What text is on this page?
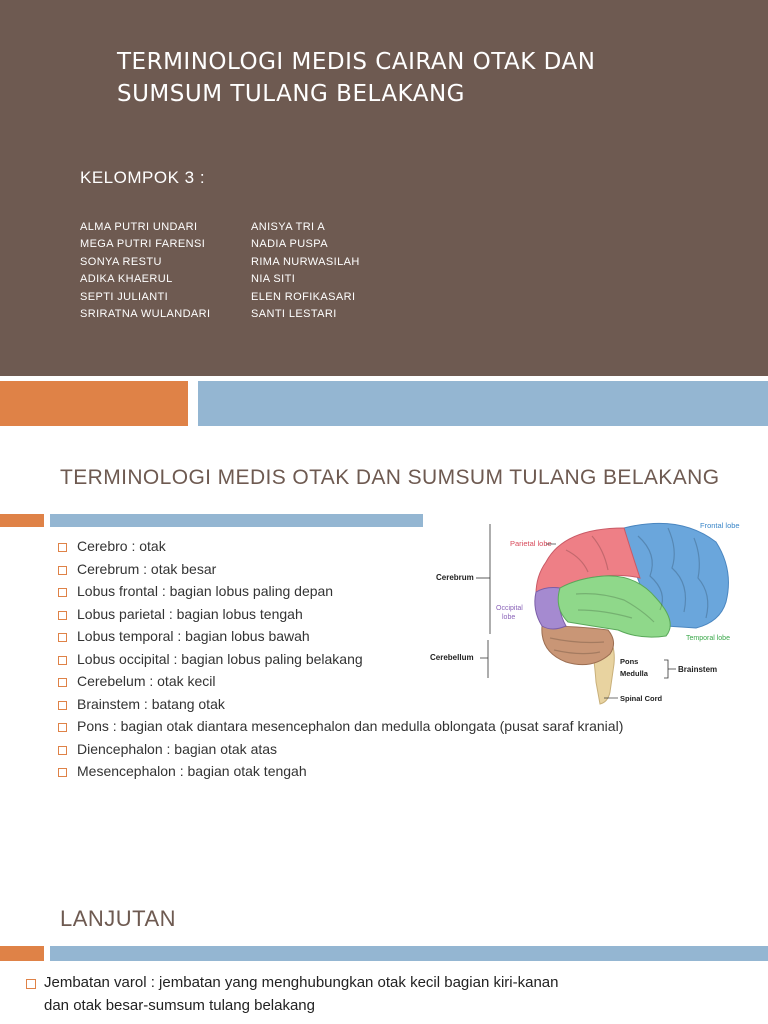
TERMINOLOGI MEDIS CAIRAN OTAK DAN
SUMSUM TULANG BELAKANG
KELOMPOK 3 :
ALMA PUTRI UNDARI
MEGA PUTRI FARENSI
SONYA RESTU
ADIKA KHAERUL
SEPTI JULIANTI
SRIRATNA WULANDARI
ANISYA TRI A
NADIA PUSPA
RIMA NURWASILAH
NIA SITI
ELEN ROFIKASARI
SANTI LESTARI
TERMINOLOGI MEDIS OTAK DAN SUMSUM TULANG BELAKANG
Cerebro : otak
Cerebrum : otak besar
Lobus frontal : bagian lobus paling depan
Lobus parietal : bagian lobus tengah
Lobus temporal : bagian lobus bawah
Lobus occipital : bagian lobus paling belakang
Cerebelum : otak kecil
Brainstem : batang otak
Pons : bagian otak diantara mesencephalon dan medulla oblongata (pusat saraf kranial)
Diencephalon : bagian otak atas
Mesencephalon : bagian otak tengah
Parietal lobe
Frontal lobe
Cerebrum
Occipital
lobe
Temporal lobe
Cerebellum	Pons
Medulla	Brainstem
Spinal Cord
LANJUTAN
Jembatan varol : jembatan yang menghubungkan otak kecil bagian kiri-kanan
dan otak besar-sumsum tulang belakang
